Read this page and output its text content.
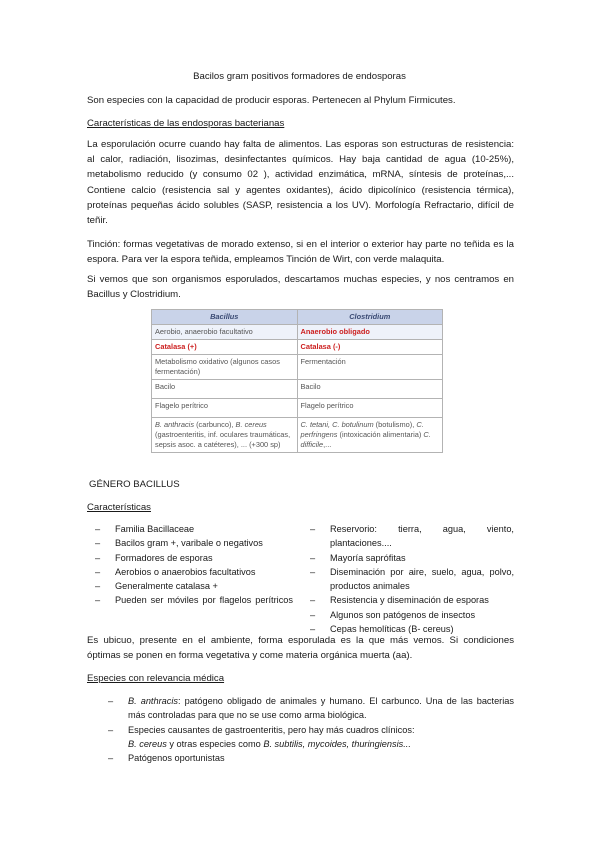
Bacilos gram positivos formadores de endosporas
Son especies con la capacidad de producir esporas. Pertenecen al Phylum Firmicutes.
Características de las endosporas bacterianas
La esporulación ocurre cuando hay falta de alimentos. Las esporas son estructuras de resistencia: al calor, radiación, lisozimas, desinfectantes químicos. Hay baja cantidad de agua (10-25%), metabolismo reducido (y consumo 02 ), actividad enzimática, mRNA, síntesis de proteínas,... Contiene calcio (resistencia sal y agentes oxidantes), ácido dipicolínico (resistencia térmica), proteínas pequeñas ácido solubles (SASP, resistencia a los UV). Morfología Refractario, difícil de teñir.
Tinción: formas vegetativas de morado extenso, si en el interior o exterior hay parte no teñida es la espora. Para ver la espora teñida, empleamos Tinción de Wirt, con verde malaquita.
Si vemos que son organismos esporulados, descartamos muchas especies, y nos centramos en Bacillus y Clostridium.
Bacillus	Clostridium
Aerobio, anaerobio facultativo	Anaerobio obligado
Catalasa (+)	Catalasa (-)
Metabolismo oxidativo (algunos casos fermentación)	Fermentación
Bacilo	Bacilo
Flagelo perítrico	Flagelo perítrico
B. anthracis (carbunco), B. cereus (gastroenteritis, inf. oculares traumáticas, sepsis asoc. a catéteres), ... (+300 sp)	C. tetani, C. botulinum (botulismo), C. perfringens (intoxicación alimentaria) C. difficile,...
GÉNERO BACILLUS
Características
– Familia Bacillaceae
– Bacilos gram +, varibale o negativos
– Formadores de esporas
– Aerobios o anaerobios facultativos
– Generalmente catalasa +
– Pueden ser móviles por flagelos perítricos
– Reservorio: tierra, agua, viento, plantaciones....
– Mayoría saprófitas
– Diseminación por aire, suelo, agua, polvo, productos animales
– Resistencia y diseminación de esporas
– Algunos son patógenos de insectos
– Cepas hemolíticas (B- cereus)
Es ubicuo, presente en el ambiente, forma esporulada es la que más vemos. Si condiciones óptimas se ponen en forma vegetativa y come materia orgánica muerta (aa).
Especies con relevancia médica
– B. anthracis: patógeno obligado de animales y humano. El carbunco. Una de las bacterias más controladas para que no se use como arma biológica.
– Especies causantes de gastroenteritis, pero hay más cuadros clínicos:
B. cereus y otras especies como B. subtilis, mycoides, thuringiensis...
– Patógenos oportunistas
